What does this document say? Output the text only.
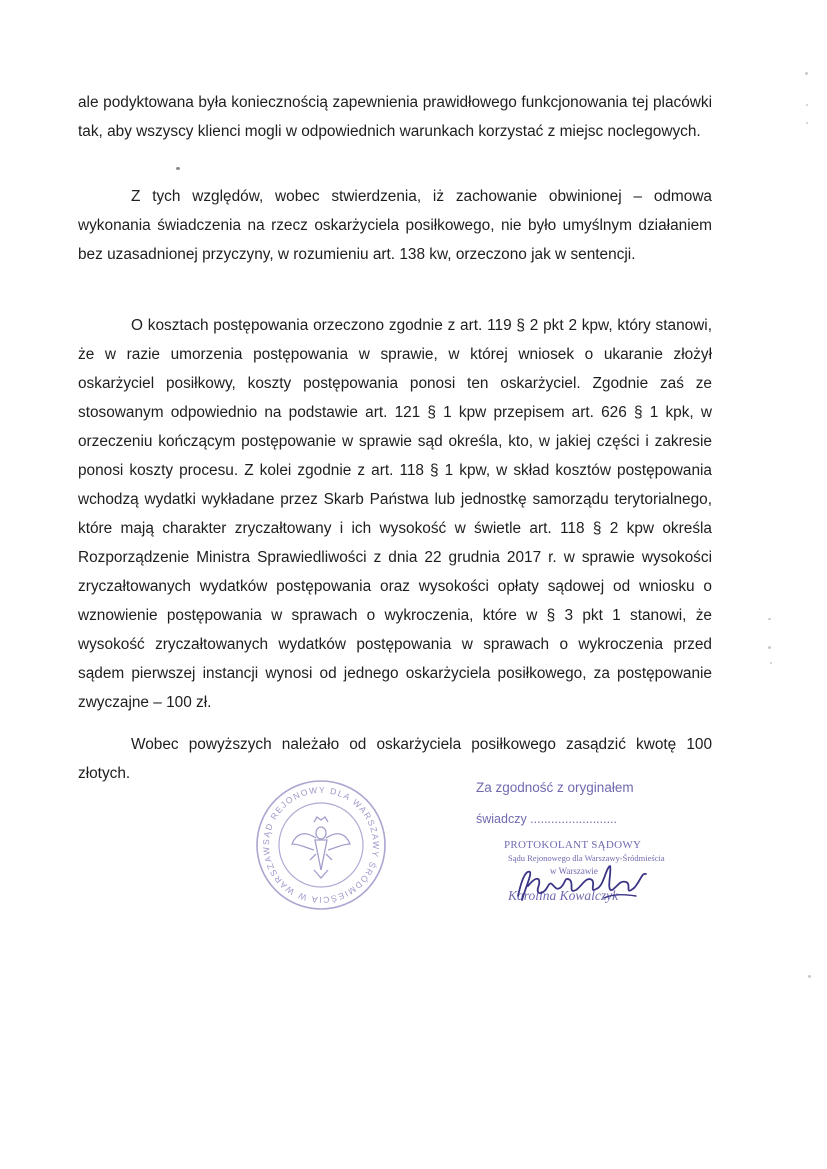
ale podyktowana była koniecznością zapewnienia prawidłowego funkcjonowania tej placówki tak, aby wszyscy klienci mogli w odpowiednich warunkach korzystać z miejsc noclegowych.
Z tych względów, wobec stwierdzenia, iż zachowanie obwinionej – odmowa wykonania świadczenia na rzecz oskarżyciela posiłkowego, nie było umyślnym działaniem bez uzasadnionej przyczyny, w rozumieniu art. 138 kw, orzeczono jak w sentencji.
O kosztach postępowania orzeczono zgodnie z art. 119 § 2 pkt 2 kpw, który stanowi, że w razie umorzenia postępowania w sprawie, w której wniosek o ukaranie złożył oskarżyciel posiłkowy, koszty postępowania ponosi ten oskarżyciel. Zgodnie zaś ze stosowanym odpowiednio na podstawie art. 121 § 1 kpw przepisem art. 626 § 1 kpk, w orzeczeniu kończącym postępowanie w sprawie sąd określa, kto, w jakiej części i zakresie ponosi koszty procesu. Z kolei zgodnie z art. 118 § 1 kpw, w skład kosztów postępowania wchodzą wydatki wykładane przez Skarb Państwa lub jednostkę samorządu terytorialnego, które mają charakter zryczałtowany i ich wysokość w świetle art. 118 § 2 kpw określa Rozporządzenie Ministra Sprawiedliwości z dnia 22 grudnia 2017 r. w sprawie wysokości zryczałtowanych wydatków postępowania oraz wysokości opłaty sądowej od wniosku o wznowienie postępowania w sprawach o wykroczenia, które w § 3 pkt 1 stanowi, że wysokość zryczałtowanych wydatków postępowania w sprawach o wykroczenia przed sądem pierwszej instancji wynosi od jednego oskarżyciela posiłkowego, za postępowanie zwyczajne – 100 zł.
Wobec powyższych należało od oskarżyciela posiłkowego zasądzić kwotę 100 złotych.
SĄD REJONOWY DLA WARSZAWY ŚRÓDMIEŚCIA W WARSZAW
Za zgodność z oryginałem
świadczy .........................
PROTOKOLANT SĄDOWY
Sądu Rejonowego dla Warszawy-Śródmieścia
w Warszawie
Karolina Kowalczyk
